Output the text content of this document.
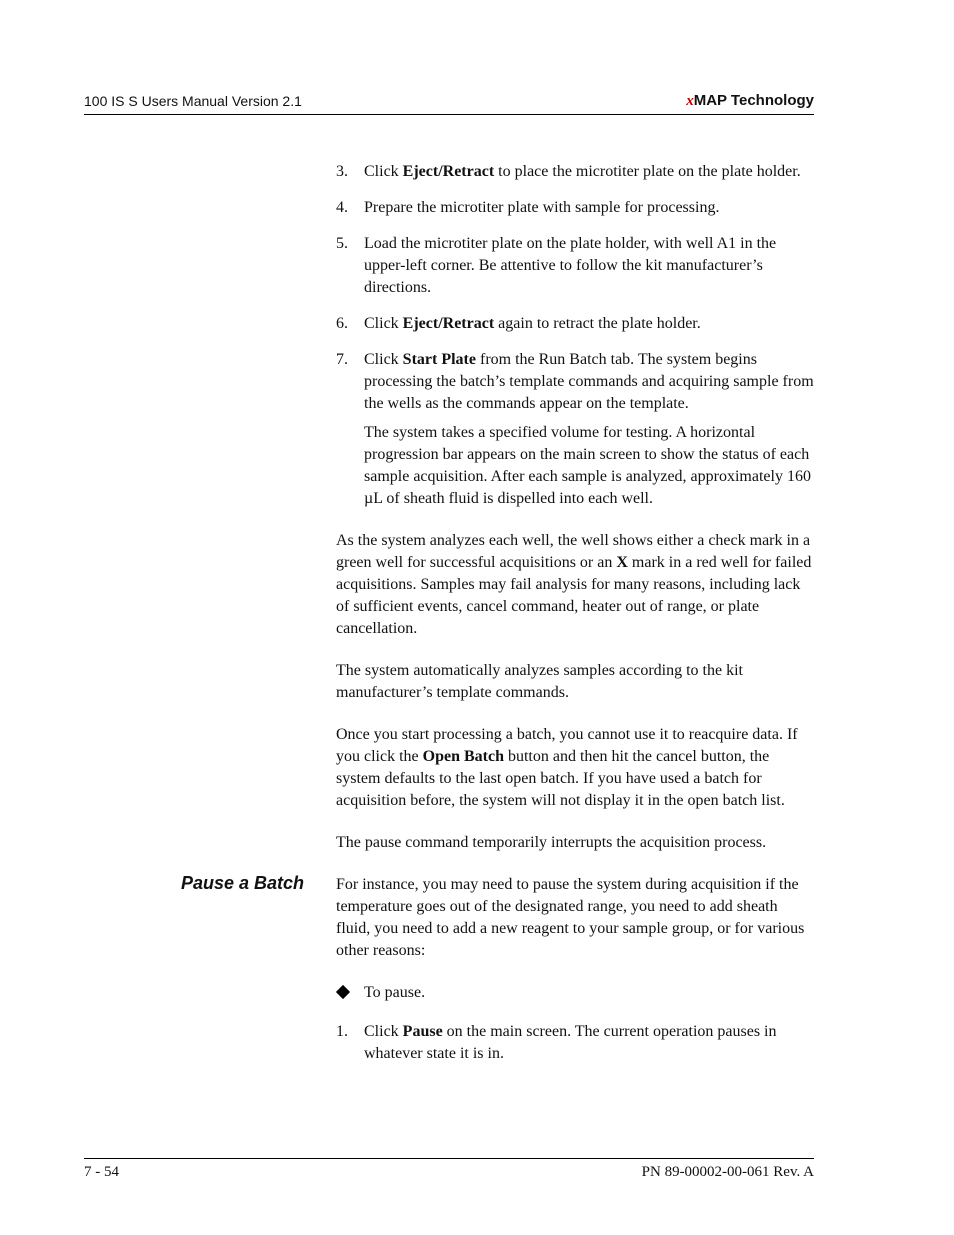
100 IS S Users Manual Version 2.1	xMAP Technology
3. Click Eject/Retract to place the microtiter plate on the plate holder.

4. Prepare the microtiter plate with sample for processing.

5. Load the microtiter plate on the plate holder, with well A1 in the upper-left corner. Be attentive to follow the kit manufacturer’s directions.

6. Click Eject/Retract again to retract the plate holder.

7. Click Start Plate from the Run Batch tab. The system begins processing the batch’s template commands and acquiring sample from the wells as the commands appear on the template.

The system takes a specified volume for testing. A horizontal progression bar appears on the main screen to show the status of each sample acquisition. After each sample is analyzed, approximately 160 µL of sheath fluid is dispelled into each well.

As the system analyzes each well, the well shows either a check mark in a green well for successful acquisitions or an X mark in a red well for failed acquisitions. Samples may fail analysis for many reasons, including lack of sufficient events, cancel command, heater out of range, or plate cancellation.

The system automatically analyzes samples according to the kit manufacturer’s template commands.

Once you start processing a batch, you cannot use it to reacquire data. If you click the Open Batch button and then hit the cancel button, the system defaults to the last open batch. If you have used a batch for acquisition before, the system will not display it in the open batch list.

The pause command temporarily interrupts the acquisition process.

For instance, you may need to pause the system during acquisition if the temperature goes out of the designated range, you need to add sheath fluid, you need to add a new reagent to your sample group, or for various other reasons:

To pause.

1. Click Pause on the main screen. The current operation pauses in whatever state it is in.

Pause a Batch
7 - 54	PN 89-00002-00-061 Rev. A
